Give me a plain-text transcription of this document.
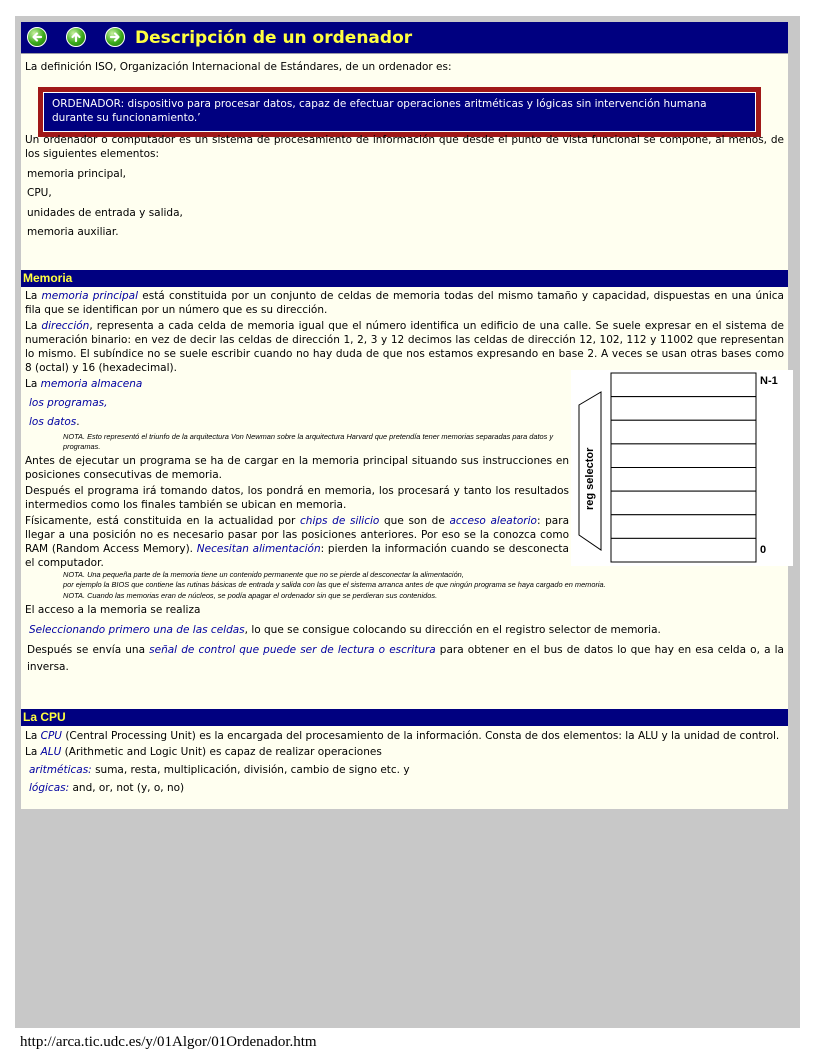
Descripción de un ordenador

La definición ISO, Organización Internacional de Estándares, de un ordenador es:

ORDENADOR: dispositivo para procesar datos, capaz de efectuar operaciones aritméticas y lógicas sin intervención humana durante su funcionamiento.’

Un ordenador o computador es un sistema de procesamiento de información que desde el punto de vista funcional se compone, al menos, de los siguientes elementos:

memoria principal,
CPU,
unidades de entrada y salida,
memoria auxiliar.
Memoria

La memoria principal está constituida por un conjunto de celdas de memoria todas del mismo tamaño y capacidad, dispuestas en una única fila que se identifican por un número que es su dirección.

La dirección, representa a cada celda de memoria igual que el número identifica un edificio de una calle. Se suele expresar en el sistema de numeración binario: en vez de decir las celdas de dirección 1, 2, 3 y 12 decimos las celdas de dirección 12, 102, 112 y 11002 que representan lo mismo. El subíndice no se suele escribir cuando no hay duda de que nos estamos expresando en base 2. A veces se usan otras bases como 8 (octal) y 16 (hexadecimal).

La memoria almacena

los programas,
los datos.

NOTA. Esto representó el triunfo de la arquitectura Von Newman sobre la arquitectura Harvard que pretendía tener memorias separadas para datos y programas.

Antes de ejecutar un programa se ha de cargar en la memoria principal situando sus instrucciones en posiciones consecutivas de memoria.

Después el programa irá tomando datos, los pondrá en memoria, los procesará y tanto los resultados intermedios como los finales también se ubican en memoria.

Físicamente, está constituida en la actualidad por chips de silicio que son de acceso aleatorio: para llegar a una posición no es necesario pasar por las posiciones anteriores. Por eso se la conozca como RAM (Random Access Memory). Necesitan alimentación: pierden la información cuando se desconecta el computador.

NOTA. Una pequeña parte de la memoria tiene un contenido permanente que no se pierde al desconectar la alimentación,
por ejemplo la BIOS que contiene las rutinas básicas de entrada y salida con las que el sistema arranca antes de que ningún programa se haya cargado en memoria.

NOTA. Cuando las memorias eran de núcleos, se podía apagar el ordenador sin que se perdieran sus contenidos.

El acceso a la memoria se realiza

Seleccionando primero una de las celdas, lo que se consigue colocando su dirección en el registro selector de memoria.

Después se envía una señal de control que puede ser de lectura o escritura para obtener en el bus de datos lo que hay en esa celda o, a la inversa.

reg selector
N-1
0
La CPU

La CPU (Central Processing Unit) es la encargada del procesamiento de la información. Consta de dos elementos: la ALU y la unidad de control.

La ALU (Arithmetic and Logic Unit) es capaz de realizar operaciones

aritméticas: suma, resta, multiplicación, división, cambio de signo etc. y

lógicas: and, or, not (y, o, no)

http://arca.tic.udc.es/y/01Algor/01Ordenador.htm
